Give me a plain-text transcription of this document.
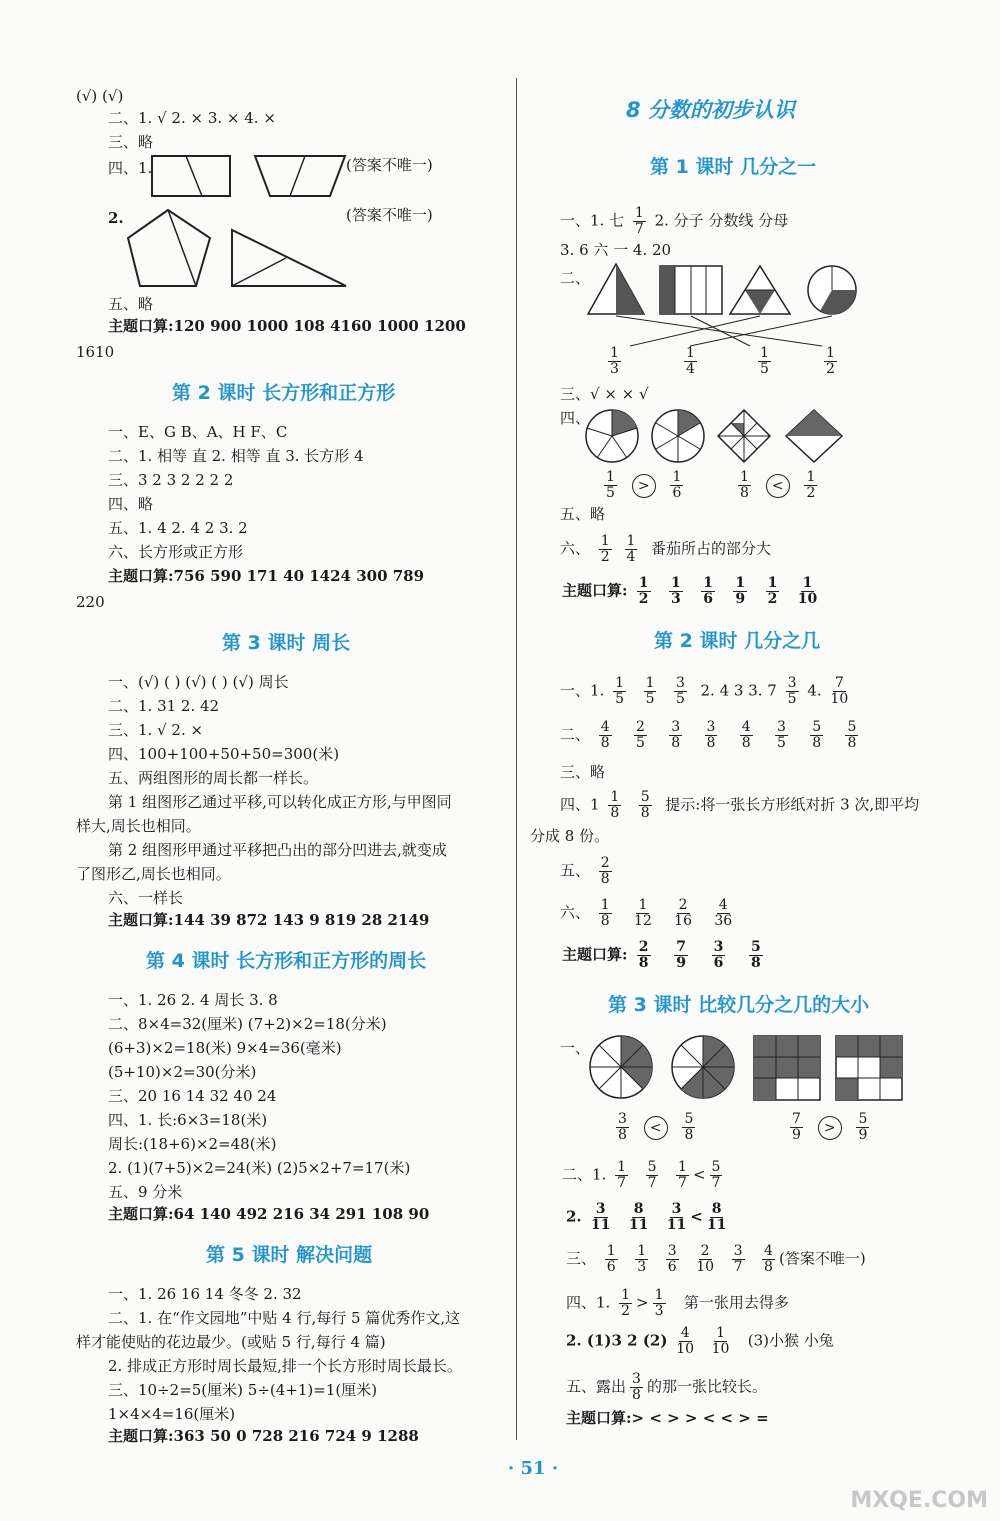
(√) (√)
二、1. √ 2. × 3. × 4. ×
三、略
四、1.	(答案不唯一)
2.	(答案不唯一)
五、略
主题口算:120 900 1000 108 4160 1000 1200
1610
第 2 课时 长方形和正方形
一、E、G B、A、H F、C
二、1. 相等 直 2. 相等 直 3. 长方形 4
三、3 2 3 2 2 2 2
四、略
五、1. 4 2. 4 2 3. 2
六、长方形或正方形
主题口算:756 590 171 40 1424 300 789
220
第 3 课时 周长
一、(√) ( ) (√) ( ) (√) 周长
二、1. 31 2. 42
三、1. √ 2. ×
四、100+100+50+50=300(米)
五、两组图形的周长都一样长。
第 1 组图形乙通过平移,可以转化成正方形,与甲图同
样大,周长也相同。
第 2 组图形甲通过平移把凸出的部分凹进去,就变成
了图形乙,周长也相同。
六、一样长
主题口算:144 39 872 143 9 819 28 2149
第 4 课时 长方形和正方形的周长
一、1. 26 2. 4 周长 3. 8
二、8×4=32(厘米) (7+2)×2=18(分米)
(6+3)×2=18(米) 9×4=36(毫米)
(5+10)×2=30(分米)
三、20 16 14 32 40 24
四、1. 长:6×3=18(米)
周长:(18+6)×2=48(米)
2. (1)(7+5)×2=24(米) (2)5×2+7=17(米)
五、9 分米
主题口算:64 140 492 216 34 291 108 90
第 5 课时 解决问题
一、1. 26 16 14 冬冬 2. 32
二、1. 在“作文园地”中贴 4 行,每行 5 篇优秀作文,这
样才能使贴的花边最少。(或贴 5 行,每行 4 篇)
2. 排成正方形时周长最短,排一个长方形时周长最长。
三、10÷2=5(厘米) 5÷(4+1)=1(厘米)
1×4×4=16(厘米)
主题口算:363 50 0 728 216 724 9 1288
8 分数的初步认识
第 1 课时 几分之一
一、1. 七 $\frac{1}{7} 2$. 分子 分数线 分母
3. 6 六 一 4. 20
二、
$\frac{1}{3}$	$\frac{1}{4}$	$\frac{1}{5}$	$\frac{1}{2}$
三、√ × × √
四、
$\frac{1}{5} > \frac{1}{6}$	$\frac{1}{8} < \frac{1}{2}$
五、略
六、 $\frac{1}{2}$
$\frac{1}{4}$ 番茄所占的部分大
主题口算: $\frac{1}{2}$
$\frac{1}{3}$
$\frac{1}{6}$
$\frac{1}{9}$
$\frac{1}{2}$
$\frac{1}{10}$
第 2 课时 几分之几
一、1. $\frac{1}{5}$
$\frac{1}{5}$
$\frac{3}{5} 2$. 4 3 3. $7 \frac{3}{5} 4$. $\frac{7}{10}$
二、 $\frac{4}{8}$
$\frac{2}{5}$
$\frac{3}{8}$
$\frac{3}{8}$
$\frac{4}{8}$
$\frac{3}{5}$
$\frac{5}{8}$
$\frac{5}{8}$
三、略
四、$1 \frac{1}{8}$
$\frac{5}{8}$ 提示:将一张长方形纸对折 3 次,即平均
分成 8 份。
五、 $\frac{2}{8}$
六、 $\frac{1}{8}$
$\frac{1}{12}$
$\frac{2}{16}$
$\frac{4}{36}$
主题口算: $\frac{2}{8}$
$\frac{7}{9}$
$\frac{3}{6}$
$\frac{5}{8}$
第 3 课时 比较几分之几的大小
一、
$\frac{3}{8} < \frac{5}{8}$	$\frac{7}{9} > \frac{5}{9}$
二、1. $\frac{1}{7}$
$\frac{5}{7}$
$\frac{1}{7} < \frac{5}{7}$
2. $\frac{3}{11}$
$\frac{8}{11}$
$\frac{3}{11} < \frac{8}{11}$
三、 $\frac{1}{6}$
$\frac{1}{3}$
$\frac{3}{6}$
$\frac{2}{10}$
$\frac{3}{7}$
$\frac{4}{8}$ (答案不唯一)
四、1. $\frac{1}{2} > \frac{1}{3}$ 第一张用去得多
2. (1)3 2 $(2) \frac{4}{10}$
$\frac{1}{10} (3)$小猴 小兔
五、露出 $\frac{3}{8}$ 的那一张比较长。
主题口算:> < > > < < > =
· 51 ·
MXQE.COM
